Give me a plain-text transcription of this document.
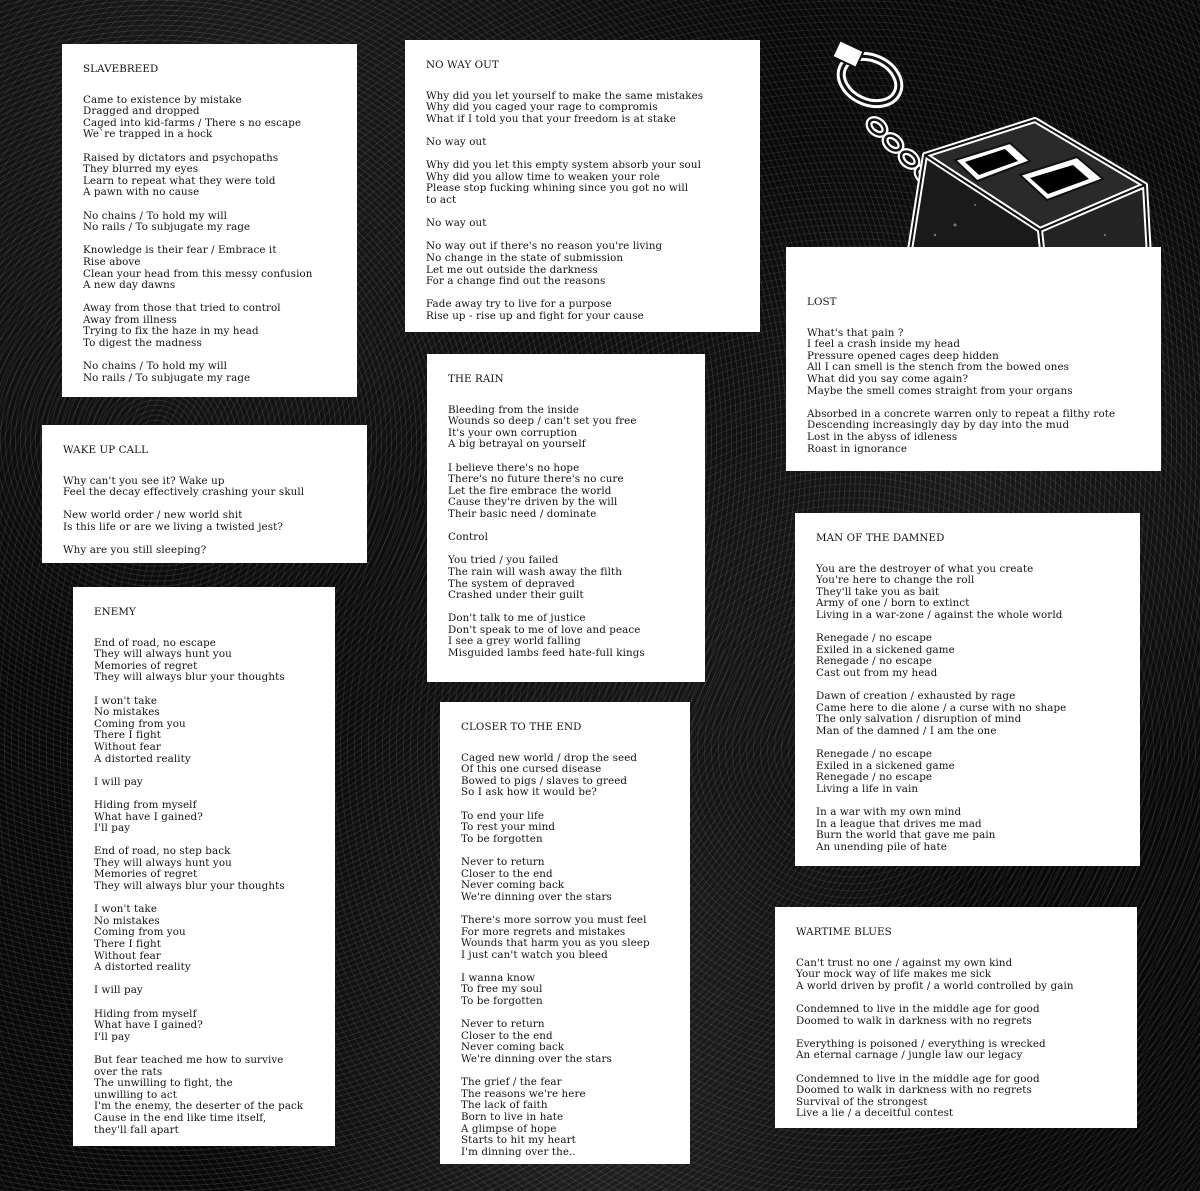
SLAVEBREED
Came to existence by mistake
Dragged and dropped
Caged into kid-farms / There s no escape
We`re trapped in a hock
Raised by dictators and psychopaths
They blurred my eyes
Learn to repeat what they were told
A pawn with no cause
No chains / To hold my will
No rails / To subjugate my rage
Knowledge is their fear / Embrace it
Rise above
Clean your head from this messy confusion
A new day dawns
Away from those that tried to control
Away from illness
Trying to fix the haze in my head
To digest the madness
No chains / To hold my will
No rails / To subjugate my rage
NO WAY OUT
Why did you let yourself to make the same mistakes
Why did you caged your rage to compromis
What if I told you that your freedom is at stake
No way out
Why did you let this empty system absorb your soul
Why did you allow time to weaken your role
Please stop fucking whining since you got no will
to act
No way out
No way out if there's no reason you're living
No change in the state of submission
Let me out outside the darkness
For a change find out the reasons
Fade away try to live for a purpose
Rise up - rise up and fight for your cause
LOST
What's that pain ?
I feel a crash inside my head
Pressure opened cages deep hidden
All I can smell is the stench from the bowed ones
What did you say come again?
Maybe the smell comes straight from your organs
Absorbed in a concrete warren only to repeat a filthy rote
Descending increasingly day by day into the mud
Lost in the abyss of idleness
Roast in ignorance
WAKE UP CALL
Why can't you see it? Wake up
Feel the decay effectively crashing your skull
New world order / new world shit
Is this life or are we living a twisted jest?
Why are you still sleeping?
THE RAIN
Bleeding from the inside
Wounds so deep / can't set you free
It's your own corruption
A big betrayal on yourself
I believe there's no hope
There's no future there's no cure
Let the fire embrace the world
Cause they're driven by the will
Their basic need / dominate
Control
You tried / you failed
The rain will wash away the filth
The system of depraved
Crashed under their guilt
Don't talk to me of justice
Don't speak to me of love and peace
I see a grey world falling
Misguided lambs feed hate-full kings
MAN OF THE DAMNED
You are the destroyer of what you create
You're here to change the roll
They'll take you as bait
Army of one / born to extinct
Living in a war-zone / against the whole world
Renegade / no escape
Exiled in a sickened game
Renegade / no escape
Cast out from my head
Dawn of creation / exhausted by rage
Came here to die alone / a curse with no shape
The only salvation / disruption of mind
Man of the damned / I am the one
Renegade / no escape
Exiled in a sickened game
Renegade / no escape
Living a life in vain
In a war with my own mind
In a league that drives me mad
Burn the world that gave me pain
An unending pile of hate
ENEMY
End of road, no escape
They will always hunt you
Memories of regret
They will always blur your thoughts
I won't take
No mistakes
Coming from you
There I fight
Without fear
A distorted reality
I will pay
Hiding from myself
What have I gained?
I'll pay
End of road, no step back
They will always hunt you
Memories of regret
They will always blur your thoughts
I won't take
No mistakes
Coming from you
There I fight
Without fear
A distorted reality
I will pay
Hiding from myself
What have I gained?
I'll pay
But fear teached me how to survive
over the rats
The unwilling to fight, the
unwilling to act
I'm the enemy, the deserter of the pack
Cause in the end like time itself,
they'll fall apart
CLOSER TO THE END
Caged new world / drop the seed
Of this one cursed disease
Bowed to pigs / slaves to greed
So I ask how it would be?
To end your life
To rest your mind
To be forgotten
Never to return
Closer to the end
Never coming back
We're dinning over the stars
There's more sorrow you must feel
For more regrets and mistakes
Wounds that harm you as you sleep
I just can't watch you bleed
I wanna know
To free my soul
To be forgotten
Never to return
Closer to the end
Never coming back
We're dinning over the stars
The grief / the fear
The reasons we're here
The lack of faith
Born to live in hate
A glimpse of hope
Starts to hit my heart
I'm dinning over the..
WARTIME BLUES
Can't trust no one / against my own kind
Your mock way of life makes me sick
A world driven by profit / a world controlled by gain
Condemned to live in the middle age for good
Doomed to walk in darkness with no regrets
Everything is poisoned / everything is wrecked
An eternal carnage / jungle law our legacy
Condemned to live in the middle age for good
Doomed to walk in darkness with no regrets
Survival of the strongest
Live a lie / a deceitful contest
